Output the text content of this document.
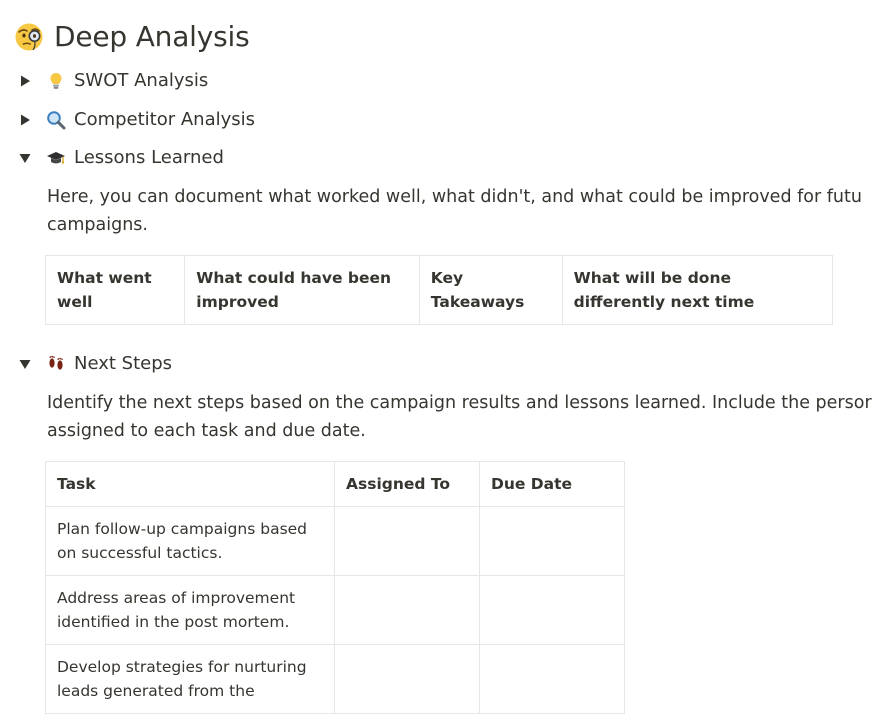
Deep Analysis
SWOT Analysis
Competitor Analysis
Lessons Learned
Here, you can document what worked well, what didn't, and what could be improved for futu
campaigns.
What went well	What could have been improved	Key Takeaways	What will be done differently next time
Next Steps
Identify the next steps based on the campaign results and lessons learned. Include the persor
assigned to each task and due date.
Task	Assigned To	Due Date
Plan follow-up campaigns based on successful tactics.		
Address areas of improvement identified in the post mortem.		
Develop strategies for nurturing leads generated from the		
